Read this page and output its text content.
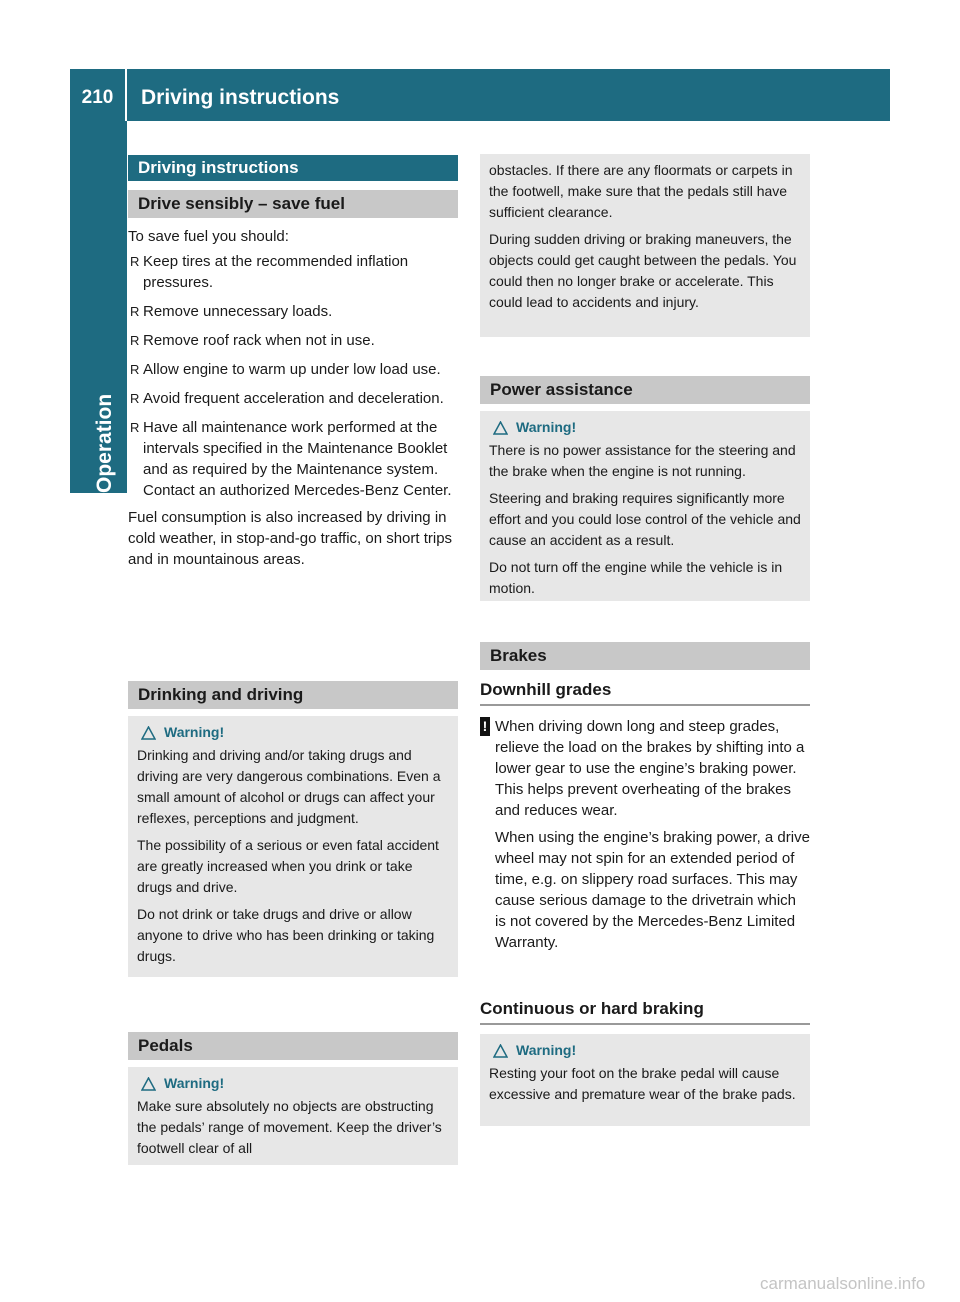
210	Driving instructions
Operation
Driving instructions
Drive sensibly – save fuel

To save fuel you should:

R Keep tires at the recommended inflation pressures.
R Remove unnecessary loads.
R Remove roof rack when not in use.
R Allow engine to warm up under low load use.
R Avoid frequent acceleration and deceleration.
R Have all maintenance work performed at the intervals specified in the Maintenance Booklet and as required by the Maintenance system. Contact an authorized Mercedes-Benz Center.

Fuel consumption is also increased by driving in cold weather, in stop-and-go traffic, on short trips and in mountainous areas.

Drinking and driving
Warning!

Drinking and driving and/or taking drugs and driving are very dangerous combinations. Even a small amount of alcohol or drugs can affect your reflexes, perceptions and judgment.

The possibility of a serious or even fatal accident are greatly increased when you drink or take drugs and drive.

Do not drink or take drugs and drive or allow anyone to drive who has been drinking or taking drugs.

Pedals
Warning!

Make sure absolutely no objects are obstructing the pedals’ range of movement. Keep the driver’s footwell clear of all

obstacles. If there are any floormats or carpets in the footwell, make sure that the pedals still have sufficient clearance.

During sudden driving or braking maneuvers, the objects could get caught between the pedals. You could then no longer brake or accelerate. This could lead to accidents and injury.

Power assistance
Warning!

There is no power assistance for the steering and the brake when the engine is not running.

Steering and braking requires significantly more effort and you could lose control of the vehicle and cause an accident as a result.

Do not turn off the engine while the vehicle is in motion.

Brakes
Downhill grades
! When driving down long and steep grades, relieve the load on the brakes by shifting into a lower gear to use the engine’s braking power. This helps prevent overheating of the brakes and reduces wear.

When using the engine’s braking power, a drive wheel may not spin for an extended period of time, e.g. on slippery road surfaces. This may cause serious damage to the drivetrain which is not covered by the Mercedes-Benz Limited Warranty.

Continuous or hard braking
Warning!

Resting your foot on the brake pedal will cause excessive and premature wear of the brake pads.

carmanualsonline.info
